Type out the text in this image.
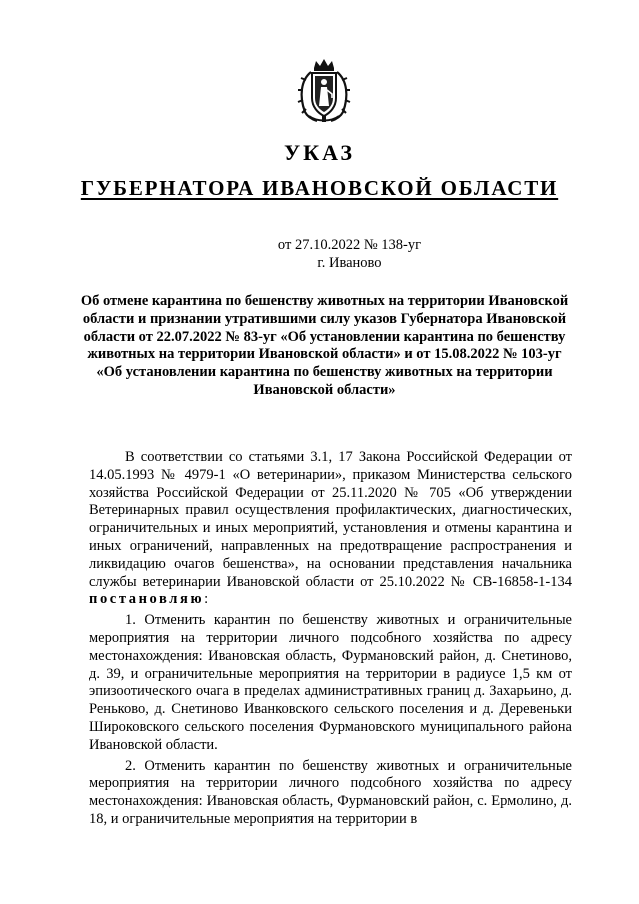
УКАЗ
ГУБЕРНАТОРА ИВАНОВСКОЙ ОБЛАСТИ
от 27.10.2022 № 138-уг
г. Иваново
Об отмене карантина по бешенству животных на территории Ивановской области и признании утратившими силу указов Губернатора Ивановской области от 22.07.2022 № 83-уг «Об установлении карантина по бешенству животных на территории Ивановской области» и от 15.08.2022 № 103-уг «Об установлении карантина по бешенству животных на территории Ивановской области»

В соответствии со статьями 3.1, 17 Закона Российской Федерации от 14.05.1993 № 4979-1 «О ветеринарии», приказом Министерства сельского хозяйства Российской Федерации от 25.11.2020 № 705 «Об утверждении Ветеринарных правил осуществления профилактических, диагностических, ограничительных и иных мероприятий, установления и отмены карантина и иных ограничений, направленных на предотвращение распространения и ликвидацию очагов бешенства», на основании представления начальника службы ветеринарии Ивановской области от 25.10.2022 № СВ-16858-1-134 постановляю:

1. Отменить карантин по бешенству животных и ограничительные мероприятия на территории личного подсобного хозяйства по адресу местонахождения: Ивановская область, Фурмановский район, д. Снетиново, д. 39, и ограничительные мероприятия на территории в радиусе 1,5 км от эпизоотического очага в пределах административных границ д. Захарьино, д. Реньково, д. Снетиново Иванковского сельского поселения и д. Деревеньки Широковского сельского поселения Фурмановского муниципального района Ивановской области.

2. Отменить карантин по бешенству животных и ограничительные мероприятия на территории личного подсобного хозяйства по адресу местонахождения: Ивановская область, Фурмановский район, с. Ермолино, д. 18, и ограничительные мероприятия на территории в
